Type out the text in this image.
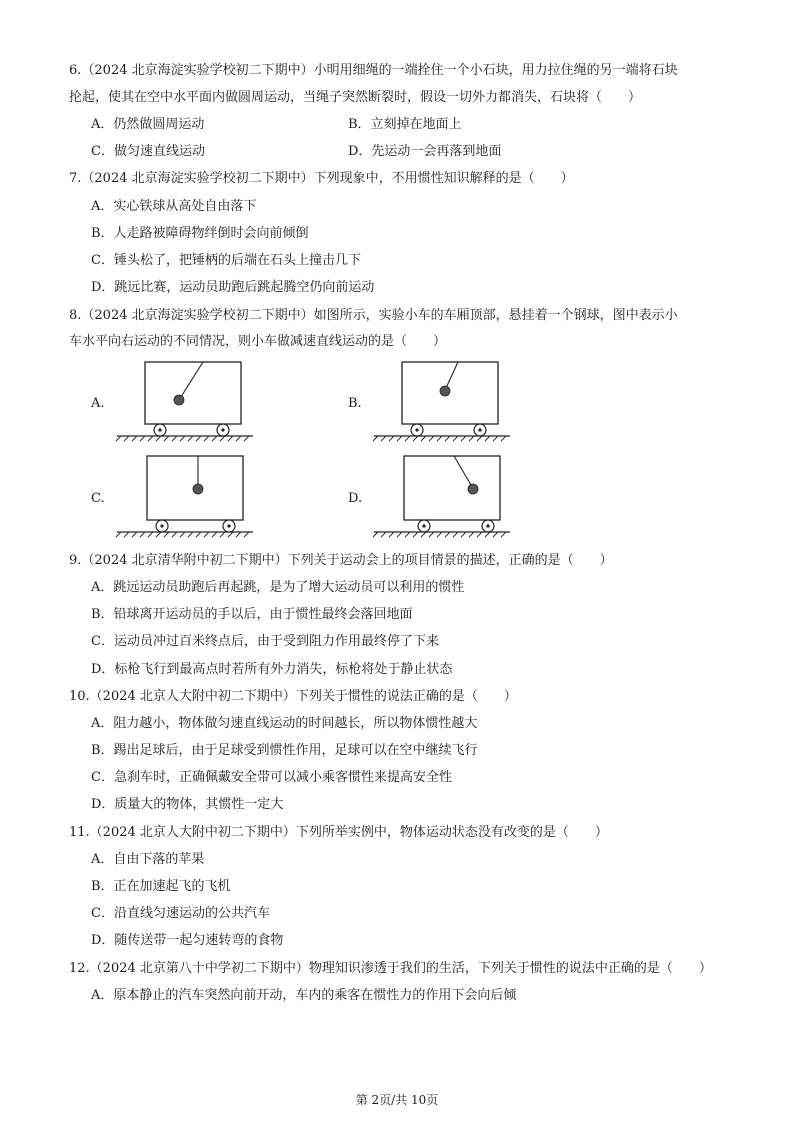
6.（2024 北京海淀实验学校初二下期中）小明用细绳的一端拴住一个小石块，用力拉住绳的另一端将石块
抡起，使其在空中水平面内做圆周运动，当绳子突然断裂时，假设一切外力都消失，石块将（　　）
A．仍然做圆周运动	B．立刻掉在地面上
C．做匀速直线运动	D．先运动一会再落到地面
7.（2024 北京海淀实验学校初二下期中）下列现象中，不用惯性知识解释的是（　　）
A．实心铁球从高处自由落下
B．人走路被障碍物绊倒时会向前倾倒
C．锤头松了，把锤柄的后端在石头上撞击几下
D．跳远比赛，运动员助跑后跳起腾空仍向前运动
8.（2024 北京海淀实验学校初二下期中）如图所示，实验小车的车厢顶部，悬挂着一个钢球，图中表示小
车水平向右运动的不同情况，则小车做减速直线运动的是（　　）
A.	B.
C.	D.
9.（2024 北京清华附中初二下期中）下列关于运动会上的项目情景的描述，正确的是（　　）
A．跳远运动员助跑后再起跳，是为了增大运动员可以利用的惯性
B．铅球离开运动员的手以后，由于惯性最终会落回地面
C．运动员冲过百米终点后，由于受到阻力作用最终停了下来
D．标枪飞行到最高点时若所有外力消失，标枪将处于静止状态
10.（2024 北京人大附中初二下期中）下列关于惯性的说法正确的是（　　）
A．阻力越小，物体做匀速直线运动的时间越长，所以物体惯性越大
B．踢出足球后，由于足球受到惯性作用，足球可以在空中继续飞行
C．急刹车时，正确佩戴安全带可以减小乘客惯性来提高安全性
D．质量大的物体，其惯性一定大
11.（2024 北京人大附中初二下期中）下列所举实例中，物体运动状态没有改变的是（　　）
A．自由下落的苹果
B．正在加速起飞的飞机
C．沿直线匀速运动的公共汽车
D．随传送带一起匀速转弯的食物
12.（2024 北京第八十中学初二下期中）物理知识渗透于我们的生活，下列关于惯性的说法中正确的是（　　）
A．原本静止的汽车突然向前开动，车内的乘客在惯性力的作用下会向后倾
第 2页/共 10页
